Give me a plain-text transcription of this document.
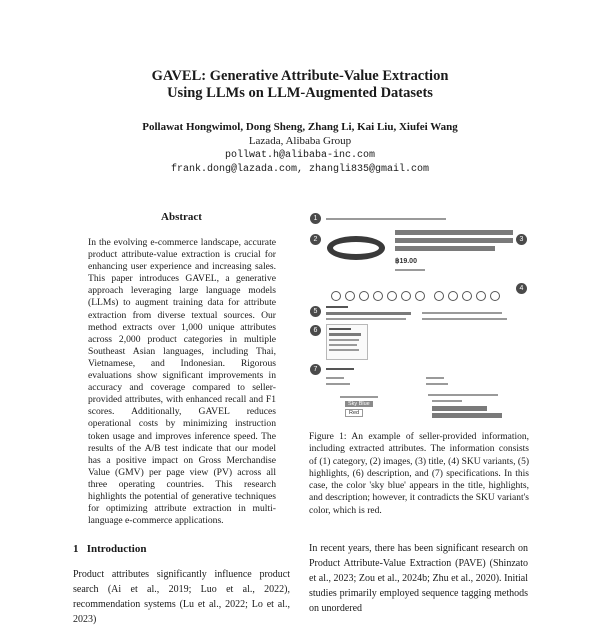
GAVEL: Generative Attribute-Value Extraction
Using LLMs on LLM-Augmented Datasets
Pollawat Hongwimol, Dong Sheng, Zhang Li, Kai Liu, Xiufei Wang
Lazada, Alibaba Group
pollwat.h@alibaba-inc.com
frank.dong@lazada.com, zhangli835@gmail.com
Abstract
In the evolving e-commerce landscape, accurate product attribute-value extraction is crucial for enhancing user experience and increasing sales. This paper introduces GAVEL, a generative approach leveraging large language models (LLMs) to augment training data for attribute extraction from diverse textual sources. Our method extracts over 1,000 unique attributes across 2,000 product categories in multiple Southeast Asian languages, including Thai, Vietnamese, and Indonesian. Rigorous evaluations show significant improvements in accuracy and coverage compared to seller-provided attributes, with enhanced recall and F1 scores. Additionally, GAVEL reduces operational costs by minimizing instruction token usage and improves inference speed. The results of the A/B test indicate that our model has a positive impact on Gross Merchandise Value (GMV) per page view (PV) across all three operating countries. This research highlights the potential of generative techniques for optimizing attribute extraction in multi-language e-commerce applications.
1 Introduction
Product attributes significantly influence product search (Ai et al., 2019; Luo et al., 2022), recommendation systems (Lu et al., 2022; Lo et al., 2023)
In recent years, there has been significant research on Product Attribute-Value Extraction (PAVE) (Shinzato et al., 2023; Zou et al., 2024b; Zhu et al., 2020). Initial studies primarily employed sequence tagging methods on unordered
1
2	3
฿19.00
4
5
6
7
Sky Blue
Red
Figure 1: An example of seller-provided information, including extracted attributes. The information consists of (1) category, (2) images, (3) title, (4) SKU variants, (5) highlights, (6) description, and (7) specifications. In this case, the color 'sky blue' appears in the title, highlights, and description; however, it contradicts the SKU variant's color, which is red.
